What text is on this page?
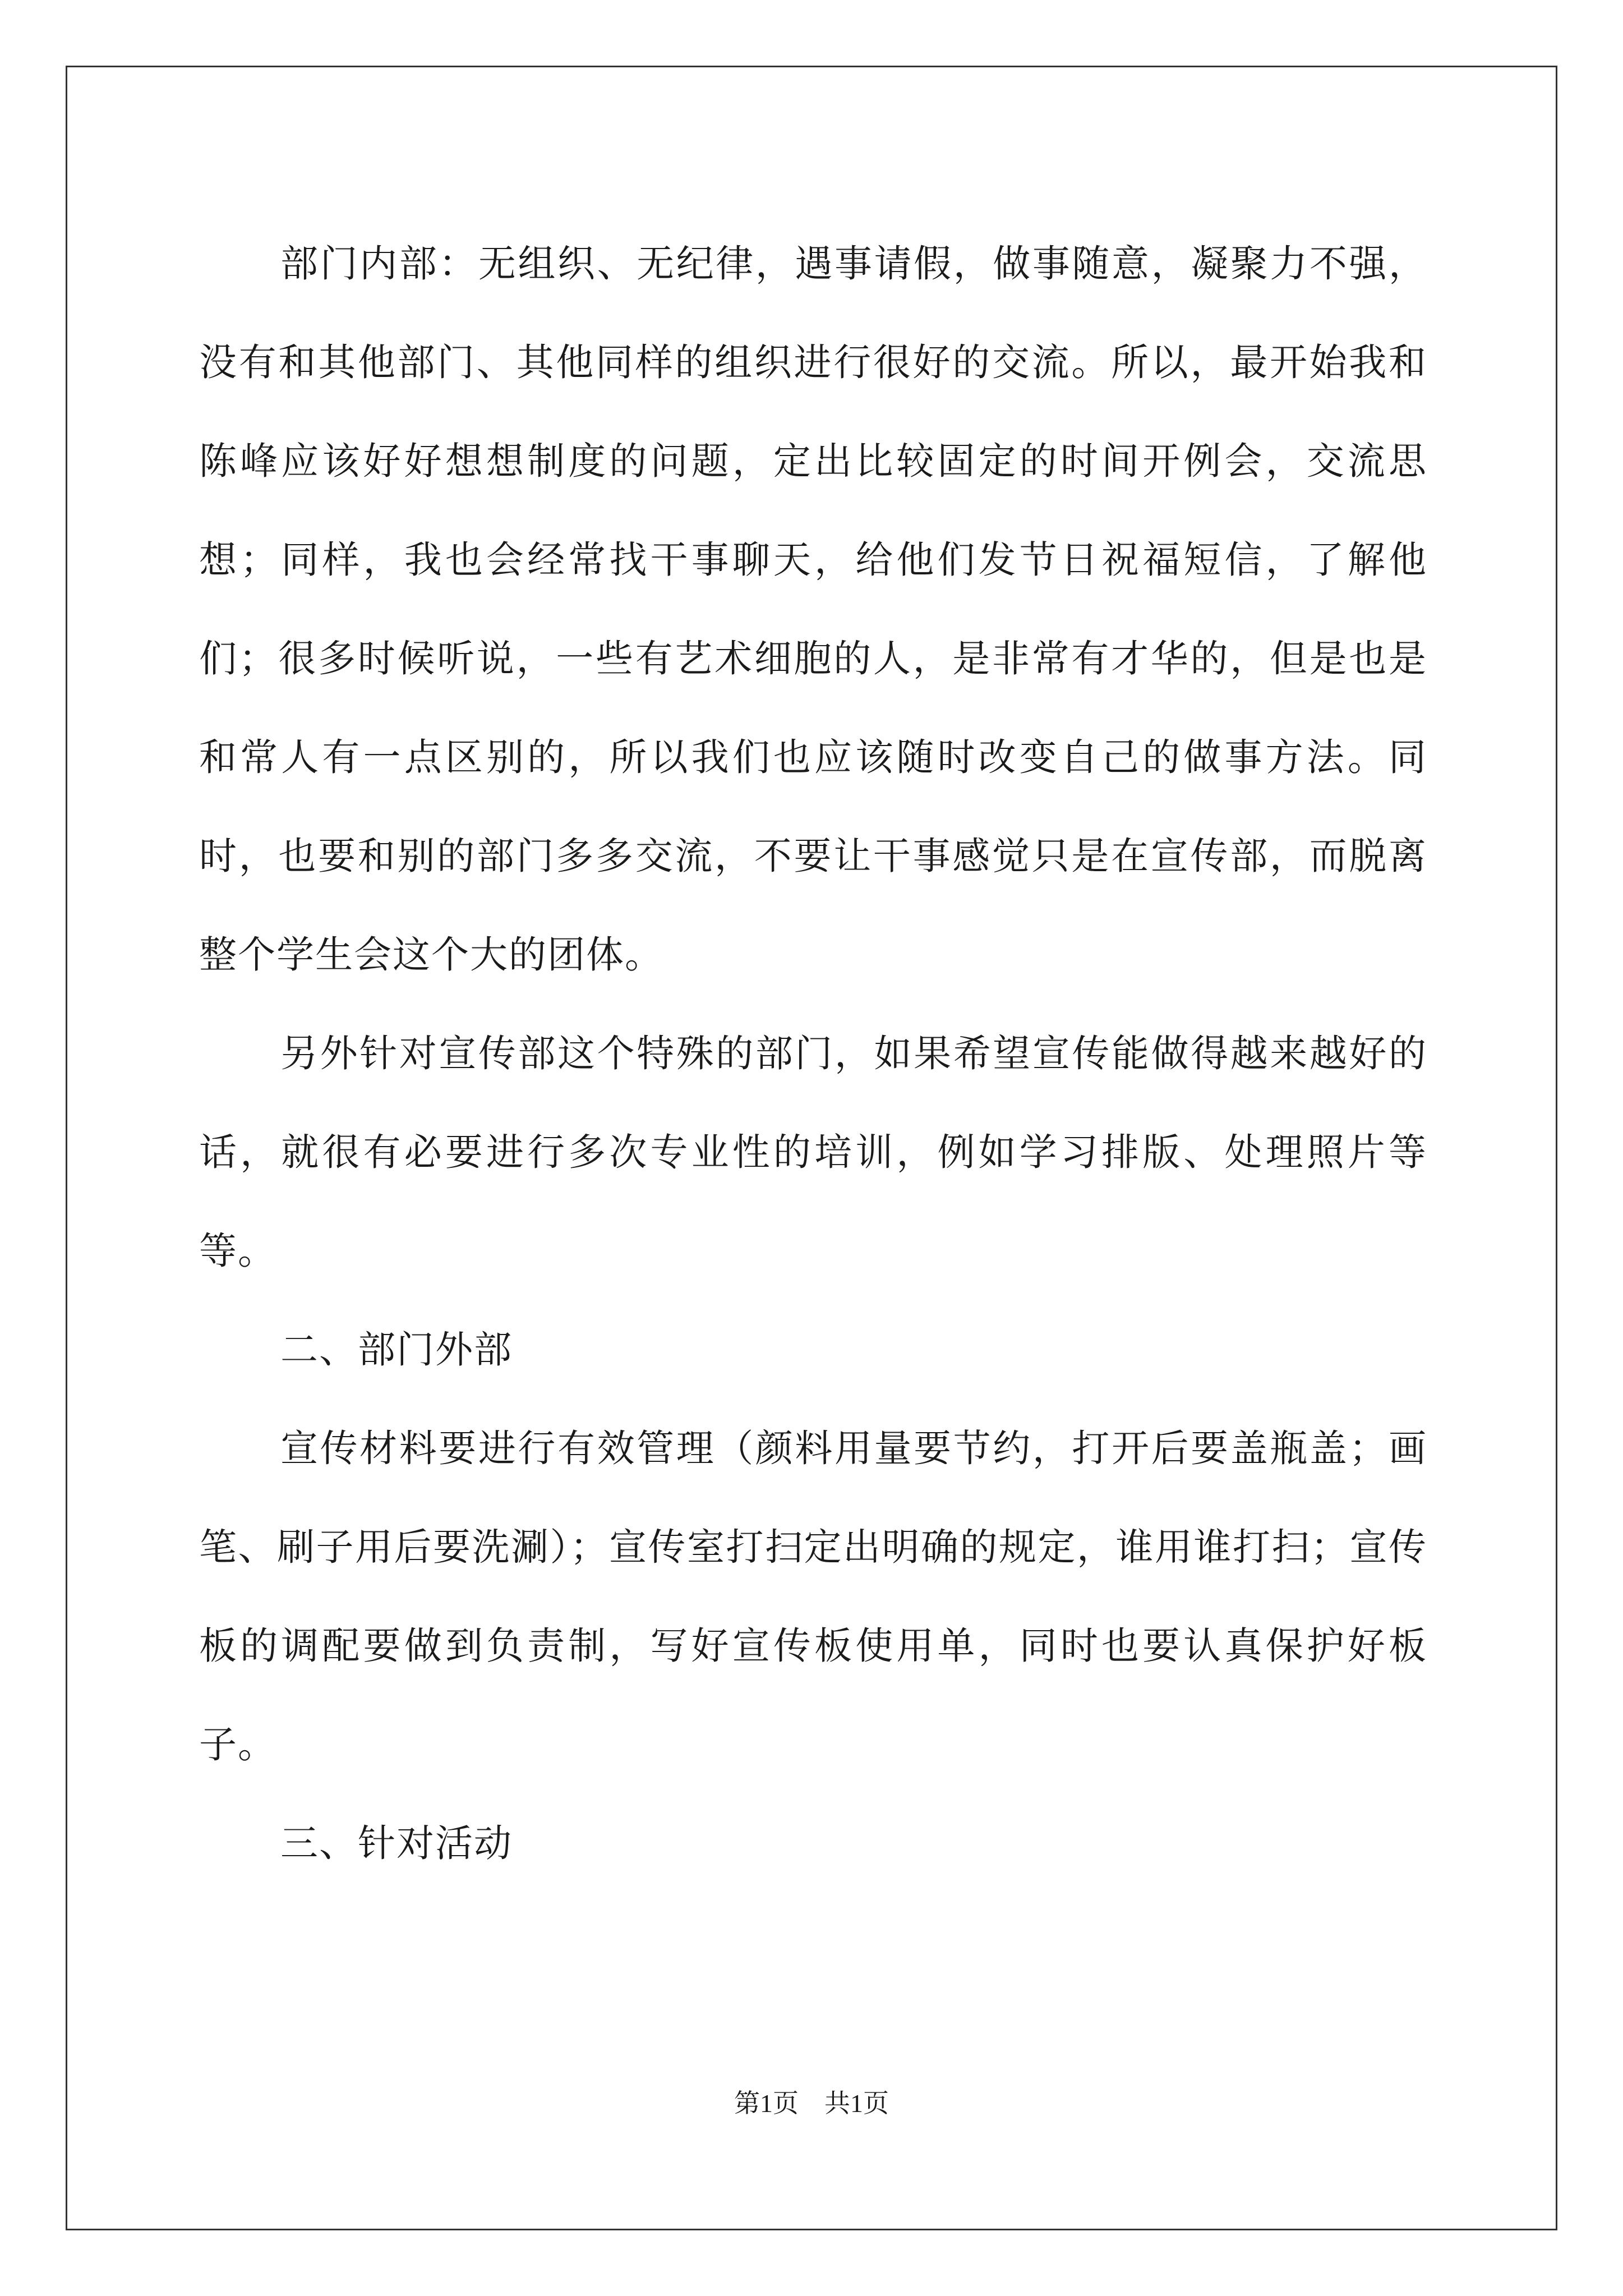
部门内部：无组织、无纪律，遇事请假，做事随意，凝聚力不强，没有和其他部门、其他同样的组织进行很好的交流。所以，最开始我和陈峰应该好好想想制度的问题，定出比较固定的时间开例会，交流思想；同样，我也会经常找干事聊天，给他们发节日祝福短信，了解他们；很多时候听说，一些有艺术细胞的人，是非常有才华的，但是也是和常人有一点区别的，所以我们也应该随时改变自己的做事方法。同时，也要和别的部门多多交流，不要让干事感觉只是在宣传部，而脱离整个学生会这个大的团体。

另外针对宣传部这个特殊的部门，如果希望宣传能做得越来越好的话，就很有必要进行多次专业性的培训，例如学习排版、处理照片等等。

二、部门外部

宣传材料要进行有效管理（颜料用量要节约，打开后要盖瓶盖；画笔、刷子用后要洗涮）；宣传室打扫定出明确的规定，谁用谁打扫；宣传板的调配要做到负责制，写好宣传板使用单，同时也要认真保护好板子。

三、针对活动

第1页 共1页
